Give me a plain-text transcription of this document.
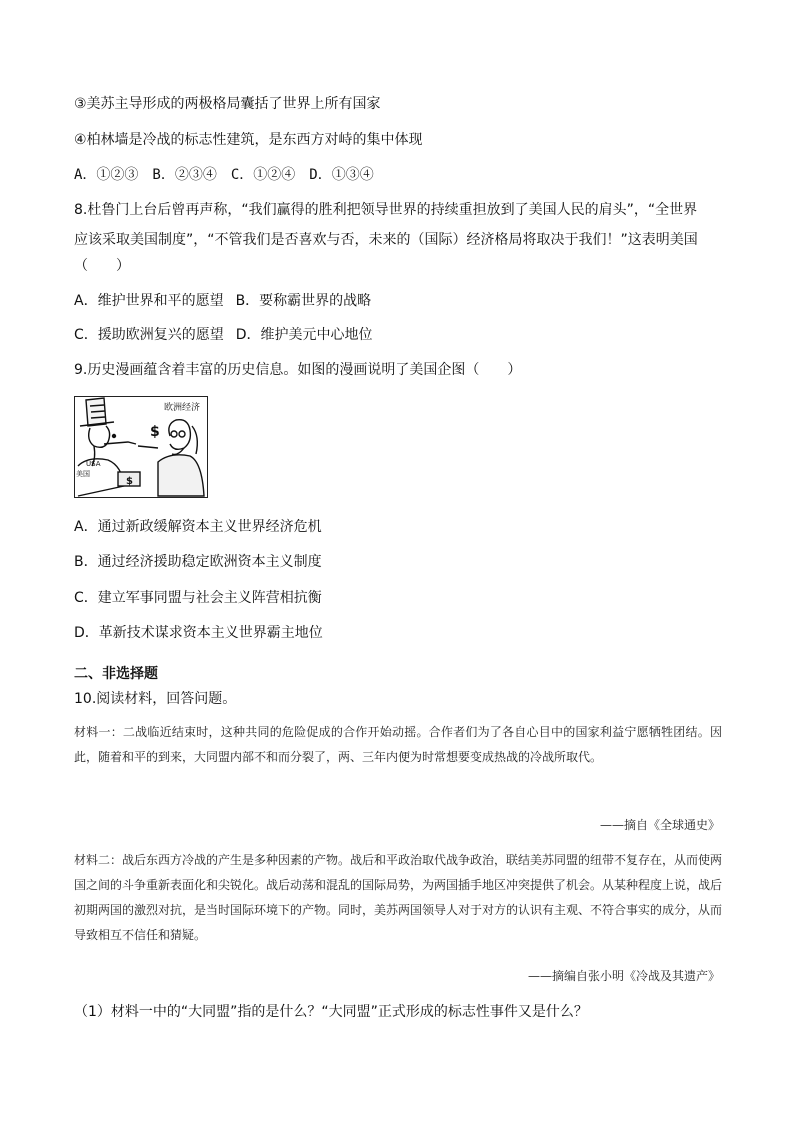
③美苏主导形成的两极格局囊括了世界上所有国家
④柏林墙是冷战的标志性建筑，是东西方对峙的集中体现
A．①②③　B．②③④　C．①②④　D．①③④
8.杜鲁门上台后曾再声称，“我们赢得的胜利把领导世界的持续重担放到了美国人民的肩头”，“全世界
应该采取美国制度”，“不管我们是否喜欢与否，未来的（国际）经济格局将取决于我们！”这表明美国
（　　）
A．维护世界和平的愿望 B．要称霸世界的战略
C．援助欧洲复兴的愿望 D．维护美元中心地位
9.历史漫画蕴含着丰富的历史信息。如图的漫画说明了美国企图（　　）
欧洲经济
$
$
USA
美国
A．通过新政缓解资本主义世界经济危机
B．通过经济援助稳定欧洲资本主义制度
C．建立军事同盟与社会主义阵营相抗衡
D．革新技术谋求资本主义世界霸主地位
二、非选择题
10.阅读材料，回答问题。
材料一：二战临近结束时，这种共同的危险促成的合作开始动摇。合作者们为了各自心目中的国家利益宁愿牺牲团结。因此，随着和平的到来，大同盟内部不和而分裂了，两、三年内便为时常想要变成热战的冷战所取代。
——摘自《全球通史》
材料二：战后东西方冷战的产生是多种因素的产物。战后和平政治取代战争政治，联结美苏同盟的纽带不复存在，从而使两国之间的斗争重新表面化和尖锐化。战后动荡和混乱的国际局势，为两国插手地区冲突提供了机会。从某种程度上说，战后初期两国的激烈对抗，是当时国际环境下的产物。同时，美苏两国领导人对于对方的认识有主观、不符合事实的成分，从而导致相互不信任和猜疑。
——摘编自张小明《冷战及其遗产》
（1）材料一中的“大同盟”指的是什么？“大同盟”正式形成的标志性事件又是什么？
